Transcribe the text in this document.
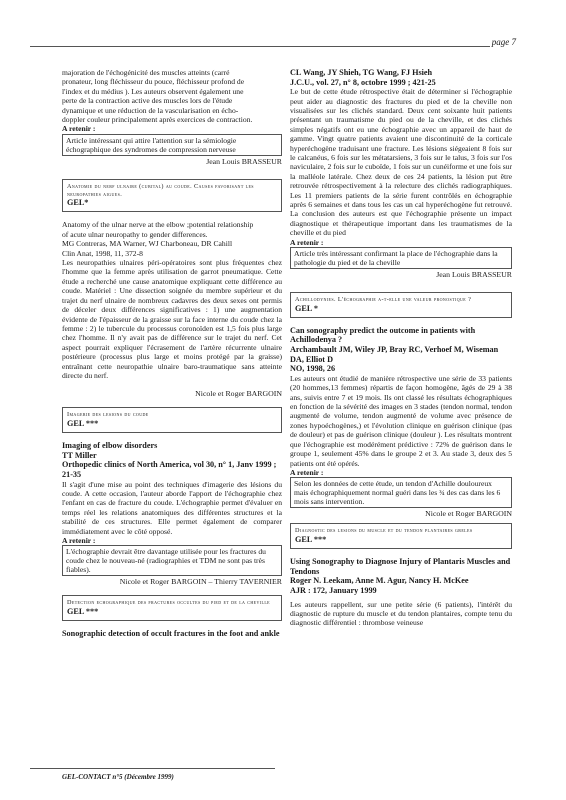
page 7

majoration de l'échogénicité des muscles atteints (carré

pronateur, long fléchisseur du pouce, fléchisseur profond de

l'index et du médius ). Les auteurs observent également une

perte de la contraction active des muscles lors de l'étude

dynamique et une réduction de la vascularisation en écho-

doppler couleur principalement après exercices de contraction.

A retenir :
Article intéressant qui attire l'attention sur la sémiologie échographique des syndromes de compression nerveuse
Jean Louis BRASSEUR
Anatomie du nerf ulnaire (cubital) au coude. Causes favorisant les neuropathies aigues.
GEL*

Anatomy of the ulnar nerve at the elbow ;potential relationship

of acute ulnar neuropathy to gender differences.

MG Contreras, MA Warner, WJ Charboneau, DR Cahill

Clin Anat, 1998, 11, 372-8

Les neuropathies ulnaires péri-opératoires sont plus fréquentes chez l'homme que la femme après utilisation de garrot pneumatique. Cette étude a recherché une cause anatomique expliquant cette différence au coude. Matériel : Une dissection soignée du membre supérieur et du trajet du nerf ulnaire de nombreux cadavres des deux sexes ont permis de déceler deux différences significatives : 1) une augmentation évidente de l'épaisseur de la graisse sur la face interne du coude chez la femme : 2) le tubercule du processus coronoïden est 1,5 fois plus large chez l'homme. Il n'y avait pas de différence sur le trajet du nerf. Cet aspect pourrait expliquer l'écrasement de l'artère récurrente ulnaire postérieure (processus plus large et moins protégé par la graisse) entraînant cette neuropathie ulnaire baro-traumatique sans atteinte directe du nerf.

Nicole et Roger BARGOIN
Imagerie des lesions du coude
GEL ***
Imaging of elbow disorders
TT Miller
Orthopedic clinics of North America, vol 30, n° 1, Janv 1999 ; 21-35

Il s'agit d'une mise au point des techniques d'imagerie des lésions du coude. A cette occasion, l'auteur aborde l'apport de l'échographie chez l'enfant en cas de fracture du coude. L'échographie permet d'évaluer en temps réel les relations anatomiques des différentes structures et la stabilité de ces structures. Elle permet également de comparer immédiatement avec le côté opposé.

A retenir :
L'échographie devrait être davantage utilisée pour les fractures du coude chez le nouveau-né (radiographies et TDM ne sont pas très fiables).
Nicole et Roger BARGOIN – Thierry TAVERNIER
Detection echographique des fractures occultes du pied et de la cheville
GEL ***
Sonographic detection of occult fractures in the foot and ankle
CL Wang, JY Shieh, TG Wang, FJ Hsieh
J.C.U., vol. 27, n° 8, octobre 1999 ; 421-25

Le but de cette étude rétrospective était de déterminer si l'échographie peut aider au diagnostic des fractures du pied et de la cheville non visualisées sur les clichés standard. Deux cent soixante huit patients présentant un traumatisme du pied ou de la cheville, et des clichés simples négatifs ont eu une échographie avec un appareil de haut de gamme. Vingt quatre patients avaient une discontinuité de la corticale hyperéchogène traduisant une fracture. Les lésions siégeaient 8 fois sur le calcanéus, 6 fois sur les métatarsiens, 3 fois sur le talus, 3 fois sur l'os naviculaire, 2 fois sur le cuboïde, 1 fois sur un cunéiforme et une fois sur la malléole latérale. Chez deux de ces 24 patients, la lésion put être retrouvée rétrospectivement à la relecture des clichés radiographiques. Les 11 premiers patients de la série furent contrôlés en échographie après 6 semaines et dans tous les cas un cal hyperéchogène fut retrouvé. La conclusion des auteurs est que l'échographie présente un impact diagnostique et thérapeutique important dans les traumatismes de la cheville et du pied

A retenir :
Article très intéressant confirmant la place de l'échographie dans la pathologie du pied et de la cheville
Jean Louis BRASSEUR
Achillodynies. L'échographie a-t-elle une valeur pronostique ?
GEL *
Can sonography predict the outcome in patients with Achillodenya ?
Archambault JM, Wiley JP, Bray RC, Verhoef M, Wiseman DA, Elliot D
NO, 1998, 26

Les auteurs ont étudié de manière rétrospective une série de 33 patients (20 hommes,13 femmes) répartis de façon homogène, âgés de 29 à 38 ans, suivis entre 7 et 19 mois. Ils ont classé les résultats échographiques en fonction de la sévérité des images en 3 stades (tendon normal, tendon augmenté de volume, tendon augmenté de volume avec présence de zones hypoéchogènes,) et l'évolution clinique en guérison clinique (pas de douleur) et pas de guérison clinique (douleur ). Les résultats montrent que l'échographie est modérément prédictive : 72% de guérison dans le groupe 1, seulement 45% dans le groupe 2 et 3. Au stade 3, deux des 5 patients ont été opérés.

A retenir :
Selon les données de cette étude, un tendon d'Achille douloureux mais échographiquement normal guéri dans les ¾ des cas dans les 6 mois sans intervention.
Nicole et Roger BARGOIN
Diagnostic des lesions du muscle et du tendon plantaires greles
GEL ***
Using Sonography to Diagnose Injury of Plantaris Muscles and Tendons
Roger N. Leekam, Anne M. Agur, Nancy H. McKee
AJR : 172, January 1999

Les auteurs rappellent, sur une petite série (6 patients), l'intérêt du diagnostic de rupture du muscle et du tendon plantaires, compte tenu du diagnostic différentiel : thrombose veineuse

GEL-CONTACT n°5 (Décembre 1999)
